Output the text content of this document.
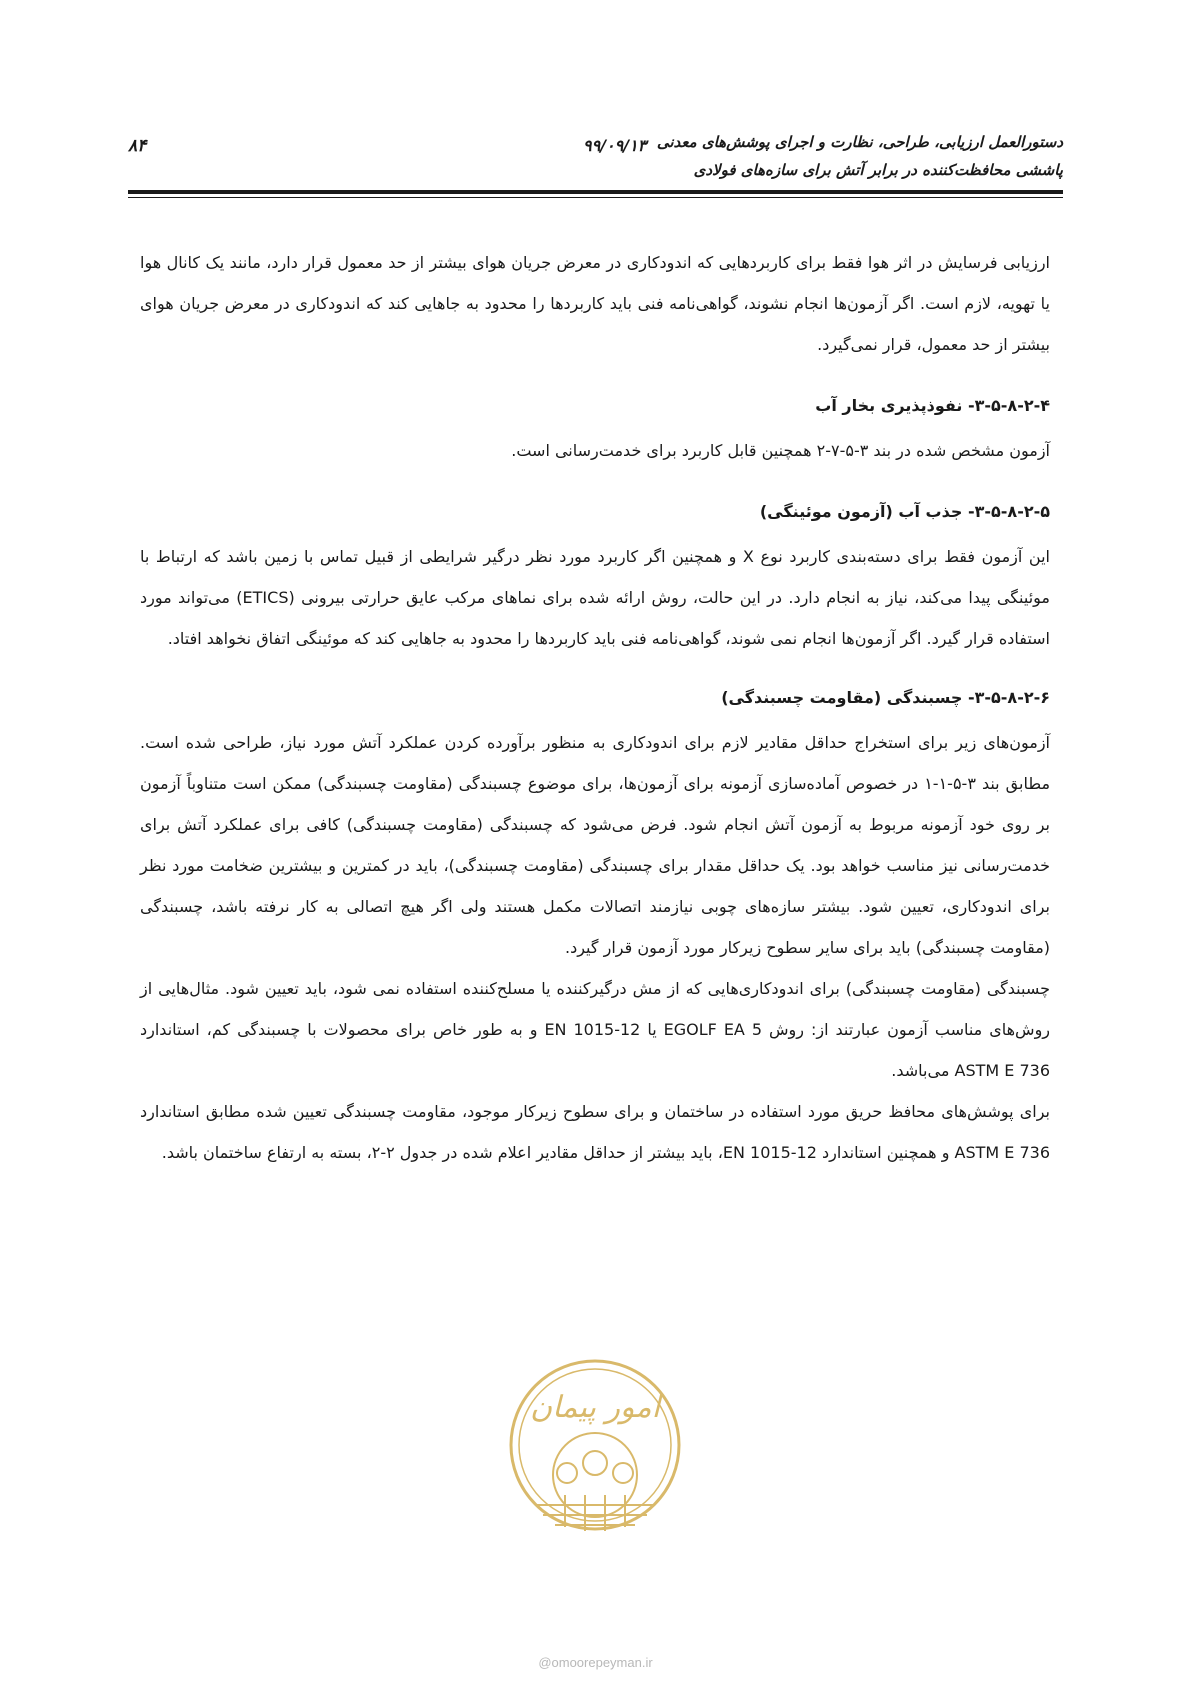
۸۴	۹۹/۰۹/۱۳ دستورالعمل ارزیابی، طراحی، نظارت و اجرای پوشش‌های معدنی
پاششی محافظت‌کننده در برابر آتش برای سازه‌های فولادی

ارزیابی فرسایش در اثر هوا فقط برای کاربردهایی که اندودکاری در معرض جریان هوای بیشتر از حد معمول قرار دارد، مانند یک کانال هوا یا تهویه، لازم است. اگر آزمون‌ها انجام نشوند، گواهی‌نامه فنی باید کاربردها را محدود به جاهایی کند که اندودکاری در معرض جریان هوای بیشتر از حد معمول، قرار نمی‌گیرد.

۳-۵-۸-۲-۴- نفوذپذیری بخار آب

آزمون مشخص شده در بند ۳-۵-۷-۲ همچنین قابل کاربرد برای خدمت‌رسانی است.

۳-۵-۸-۲-۵- جذب آب (آزمون موئینگی)

این آزمون فقط برای دسته‌بندی کاربرد نوع X و همچنین اگر کاربرد مورد نظر درگیر شرایطی از قبیل تماس با زمین باشد که ارتباط با موئینگی پیدا می‌کند، نیاز به انجام دارد. در این حالت، روش ارائه شده برای نماهای مرکب عایق حرارتی بیرونی (ETICS) می‌تواند مورد استفاده قرار گیرد. اگر آزمون‌ها انجام نمی شوند، گواهی‌نامه فنی باید کاربردها را محدود به جاهایی کند که موئینگی اتفاق نخواهد افتاد.

۳-۵-۸-۲-۶- چسبندگی (مقاومت چسبندگی)

آزمون‌های زیر برای استخراج حداقل مقادیر لازم برای اندودکاری به منظور برآورده کردن عملکرد آتش مورد نیاز، طراحی شده است. مطابق بند ۳-۵-۱-۱ در خصوص آماده‌سازی آزمونه برای آزمون‌ها، برای موضوع چسبندگی (مقاومت چسبندگی) ممکن است متناوباً آزمون بر روی خود آزمونه مربوط به آزمون آتش انجام شود. فرض می‌شود که چسبندگی (مقاومت چسبندگی) کافی برای عملکرد آتش برای خدمت‌رسانی نیز مناسب خواهد بود. یک حداقل مقدار برای چسبندگی (مقاومت چسبندگی)، باید در کمترین و بیشترین ضخامت مورد نظر برای اندودکاری، تعیین شود. بیشتر سازه‌های چوبی نیازمند اتصالات مکمل هستند ولی اگر هیچ اتصالی به کار نرفته باشد، چسبندگی (مقاومت چسبندگی) باید برای سایر سطوح زیرکار مورد آزمون قرار گیرد.

چسبندگی (مقاومت چسبندگی) برای اندودکاری‌هایی که از مش درگیرکننده یا مسلح‌کننده استفاده نمی شود، باید تعیین شود. مثال‌هایی از روش‌های مناسب آزمون عبارتند از: روش EGOLF EA 5 یا EN 1015-12 و به طور خاص برای محصولات با چسبندگی کم، استاندارد ASTM E 736 می‌باشد.

برای پوشش‌های محافظ حریق مورد استفاده در ساختمان و برای سطوح زیرکار موجود، مقاومت چسبندگی تعیین شده مطابق استاندارد ASTM E 736 و همچنین استاندارد EN 1015-12، باید بیشتر از حداقل مقادیر اعلام شده در جدول ۲-۲، بسته به ارتفاع ساختمان باشد.

امور پیمان
@omoorepeyman.ir
